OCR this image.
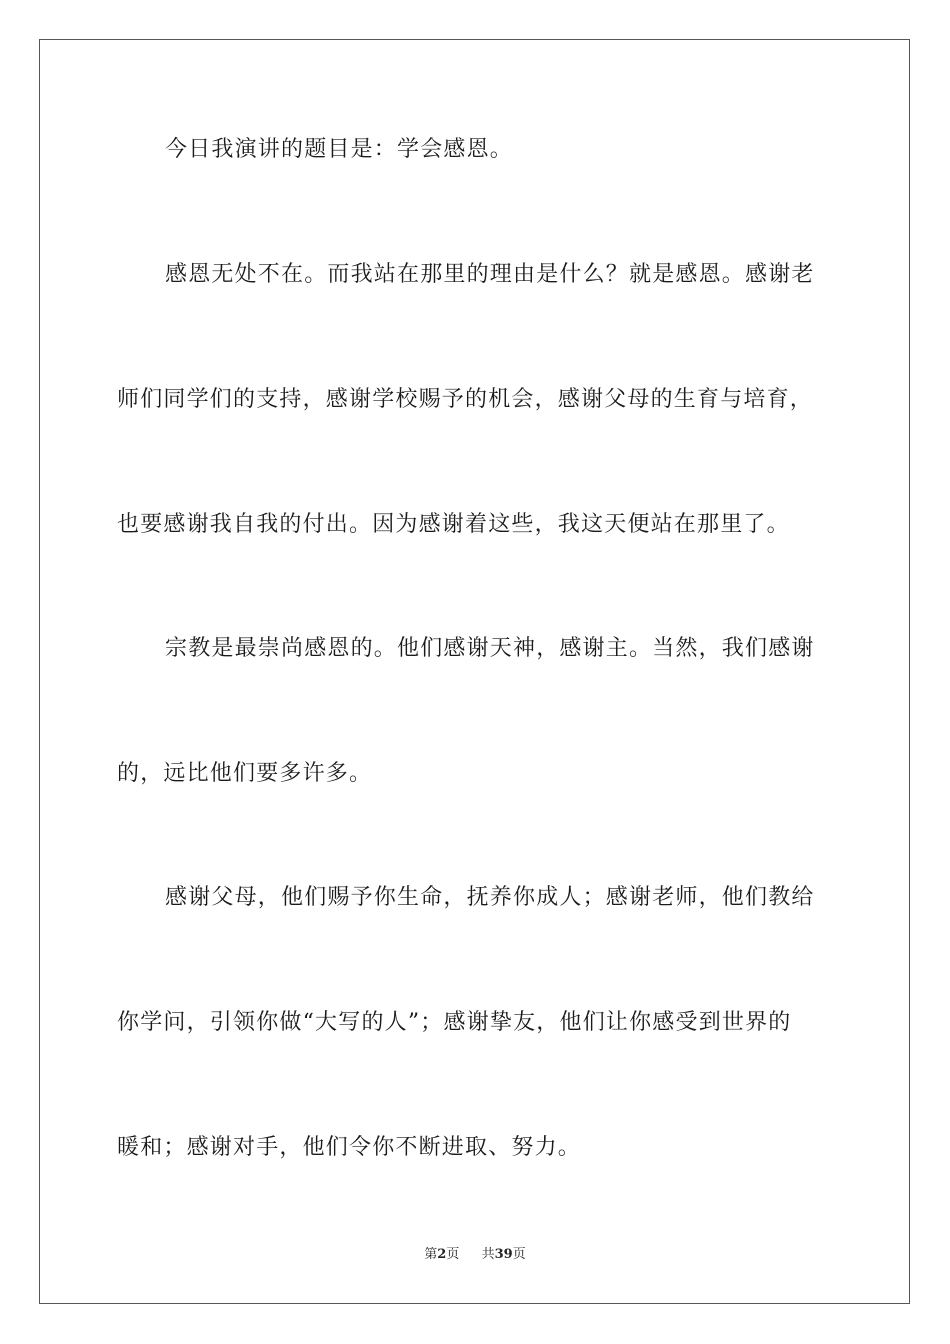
今日我演讲的题目是：学会感恩。
感恩无处不在。而我站在那里的理由是什么？就是感恩。感谢老
师们同学们的支持，感谢学校赐予的机会，感谢父母的生育与培育，
也要感谢我自我的付出。因为感谢着这些，我这天便站在那里了。
宗教是最崇尚感恩的。他们感谢天神，感谢主。当然，我们感谢
的，远比他们要多许多。
感谢父母，他们赐予你生命，抚养你成人；感谢老师，他们教给
你学问，引领你做“大写的人”；感谢挚友，他们让你感受到世界的
暖和；感谢对手，他们令你不断进取、努力。
第2页 共39页
